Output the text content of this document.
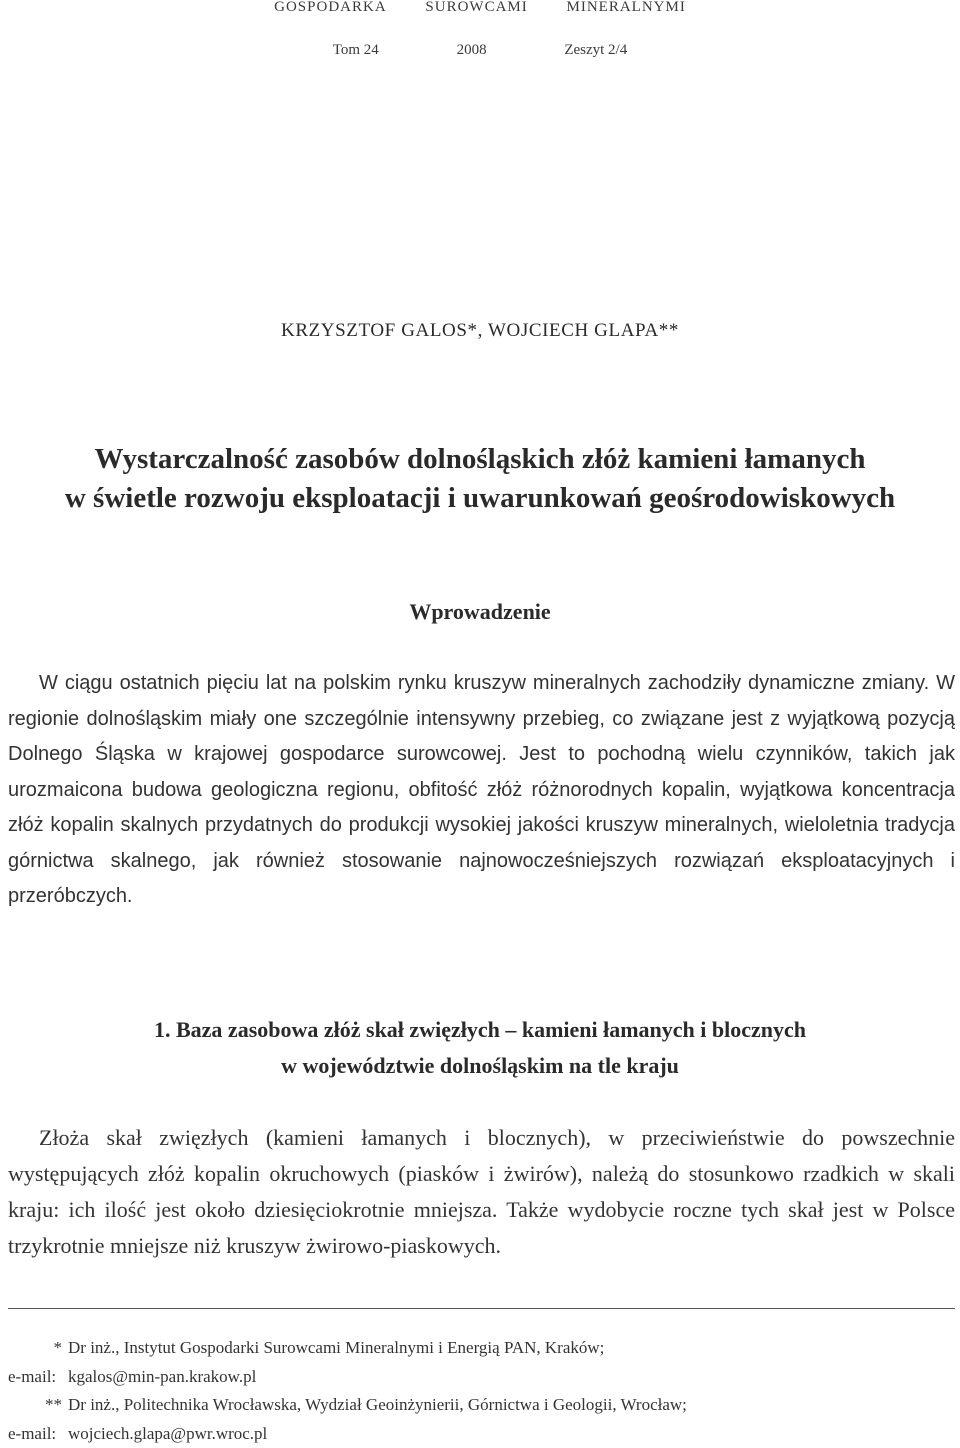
GOSPODARKA	SUROWCAMI	MINERALNYMI
Tom 24	2008	Zeszyt 2/4
KRZYSZTOF GALOS*, WOJCIECH GLAPA**
Wystarczalność zasobów dolnośląskich złóż kamieni łamanych
w świetle rozwoju eksploatacji i uwarunkowań geośrodowiskowych
Wprowadzenie

W ciągu ostatnich pięciu lat na polskim rynku kruszyw mineralnych zachodziły dynamiczne zmiany. W regionie dolnośląskim miały one szczególnie intensywny przebieg, co związane jest z wyjątkową pozycją Dolnego Śląska w krajowej gospodarce surowcowej. Jest to pochodną wielu czynników, takich jak urozmaicona budowa geologiczna regionu, obfitość złóż różnorodnych kopalin, wyjątkowa koncentracja złóż kopalin skalnych przydatnych do produkcji wysokiej jakości kruszyw mineralnych, wieloletnia tradycja górnictwa skalnego, jak również stosowanie najnowocześniejszych rozwiązań eksploatacyjnych i przeróbczych.

1. Baza zasobowa złóż skał zwięzłych – kamieni łamanych i blocznych
w województwie dolnośląskim na tle kraju

Złoża skał zwięzłych (kamieni łamanych i blocznych), w przeciwieństwie do powszechnie występujących złóż kopalin okruchowych (piasków i żwirów), należą do stosunkowo rzadkich w skali kraju: ich ilość jest około dziesięciokrotnie mniejsza. Także wydobycie roczne tych skał jest w Polsce trzykrotnie mniejsze niż kruszyw żwirowo-piaskowych.

* Dr inż., Instytut Gospodarki Surowcami Mineralnymi i Energią PAN, Kraków;
e-mail: kgalos@min-pan.krakow.pl
** Dr inż., Politechnika Wrocławska, Wydział Geoinżynierii, Górnictwa i Geologii, Wrocław;
e-mail: wojciech.glapa@pwr.wroc.pl
